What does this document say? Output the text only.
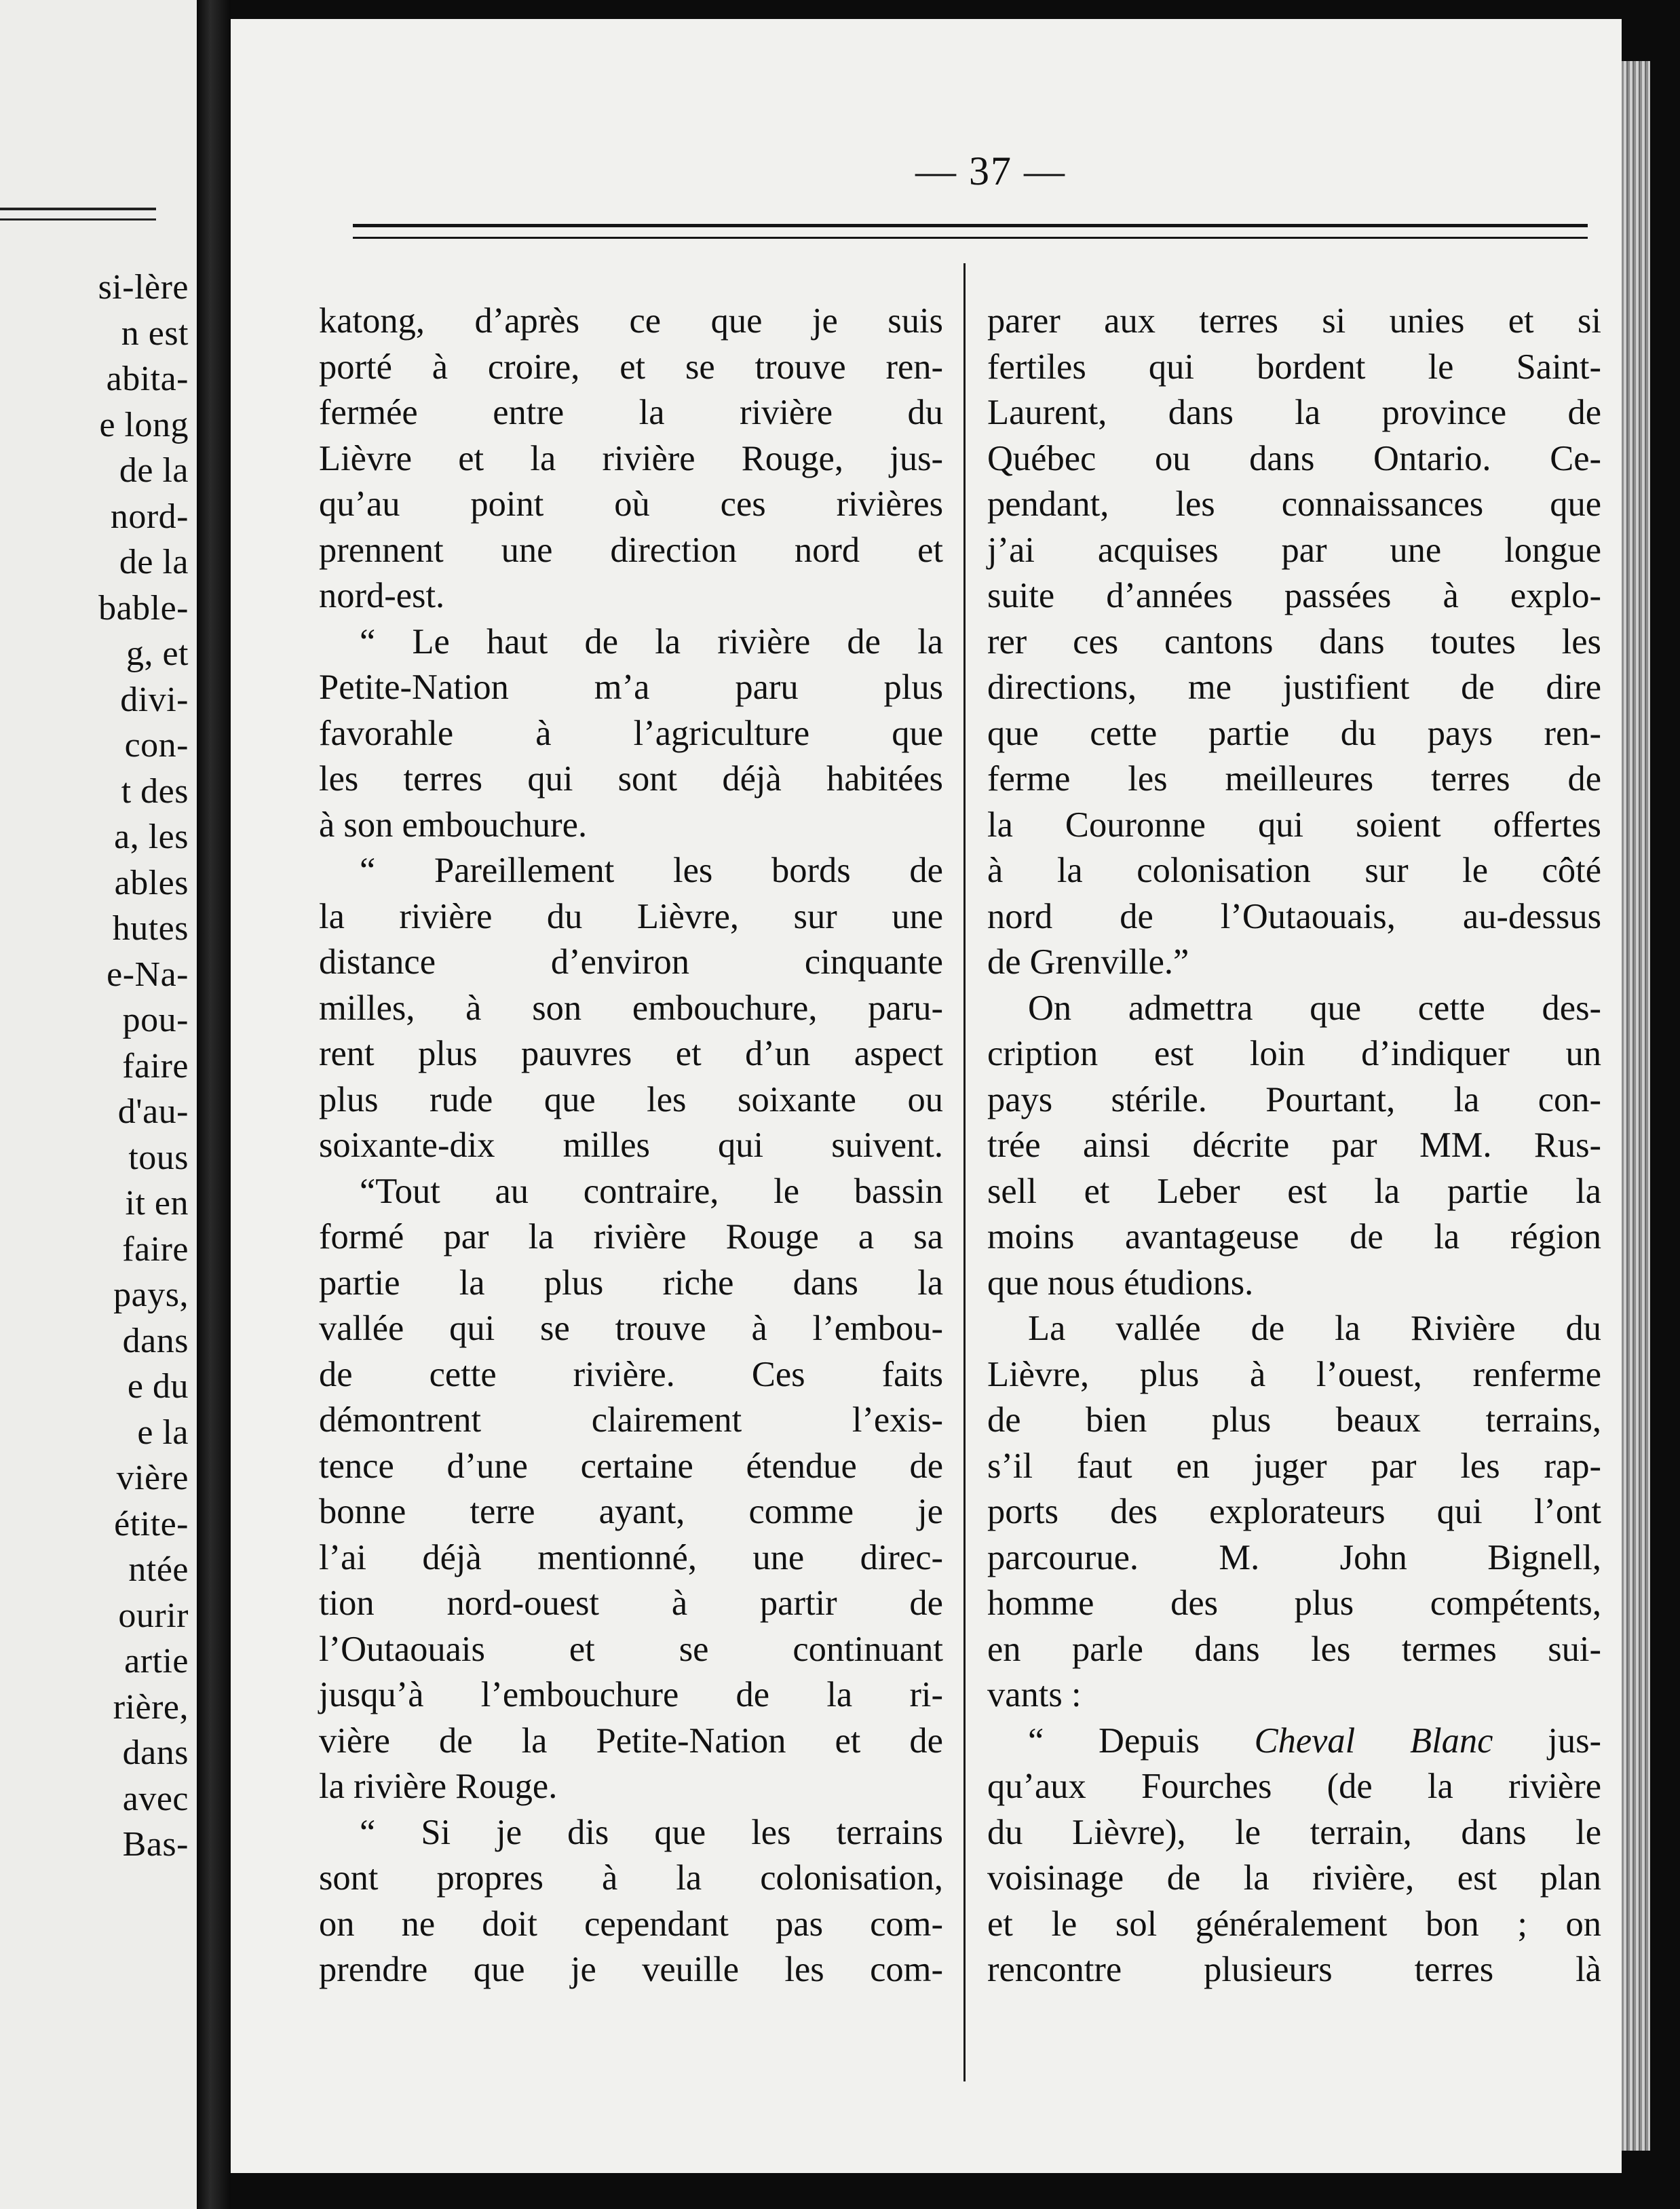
si-lère
n est
abita-
e long
de la
nord-
de la
bable-
g, et
divi-
con-
t des
a, les
ables
hutes
e-Na-
pou-
faire
d'au-
tous
it en
faire
pays,
dans
e du
e la
vière
étite-
ntée
ourir
artie
rière,
dans
avec
Bas-
— 37 —
katong, d’après ce que je suis
porté à croire, et se trouve ren-
fermée entre la rivière du
Lièvre et la rivière Rouge, jus-
qu’au point où ces rivières
prennent une direction nord et
nord-est.
“ Le haut de la rivière de la
Petite-Nation m’a paru plus
favorahle à l’agriculture que
les terres qui sont déjà habitées
à son embouchure.
“ Pareillement les bords de
la rivière du Lièvre, sur une
distance d’environ cinquante
milles, à son embouchure, paru-
rent plus pauvres et d’un aspect
plus rude que les soixante ou
soixante-dix milles qui suivent.
“Tout au contraire, le bassin
formé par la rivière Rouge a sa
partie la plus riche dans la
vallée qui se trouve à l’embou-
de cette rivière. Ces faits
démontrent clairement l’exis-
tence d’une certaine étendue de
bonne terre ayant, comme je
l’ai déjà mentionné, une direc-
tion nord-ouest à partir de
l’Outaouais et se continuant
jusqu’à l’embouchure de la ri-
vière de la Petite-Nation et de
la rivière Rouge.
“ Si je dis que les terrains
sont propres à la colonisation,
on ne doit cependant pas com-
prendre que je veuille les com-
parer aux terres si unies et si
fertiles qui bordent le Saint-
Laurent, dans la province de
Québec ou dans Ontario. Ce-
pendant, les connaissances que
j’ai acquises par une longue
suite d’années passées à explo-
rer ces cantons dans toutes les
directions, me justifient de dire
que cette partie du pays ren-
ferme les meilleures terres de
la Couronne qui soient offertes
à la colonisation sur le côté
nord de l’Outaouais, au-dessus
de Grenville.”
On admettra que cette des-
cription est loin d’indiquer un
pays stérile. Pourtant, la con-
trée ainsi décrite par MM. Rus-
sell et Leber est la partie la
moins avantageuse de la région
que nous étudions.
La vallée de la Rivière du
Lièvre, plus à l’ouest, renferme
de bien plus beaux terrains,
s’il faut en juger par les rap-
ports des explorateurs qui l’ont
parcourue. M. John Bignell,
homme des plus compétents,
en parle dans les termes sui-
vants :
“ Depuis Cheval Blanc jus-
qu’aux Fourches (de la rivière
du Lièvre), le terrain, dans le
voisinage de la rivière, est plan
et le sol généralement bon ; on
rencontre plusieurs terres là
